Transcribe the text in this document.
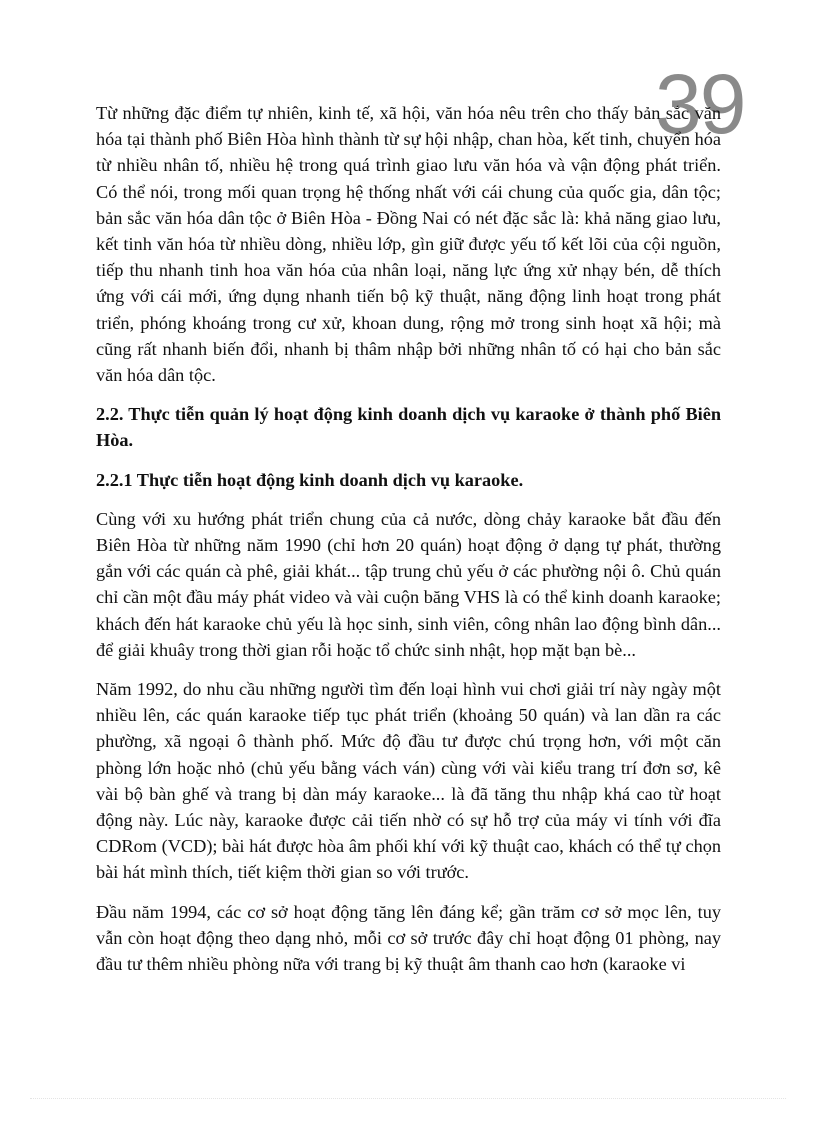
39

Từ những đặc điểm tự nhiên, kinh tế, xã hội, văn hóa nêu trên cho thấy bản sắc văn hóa tại thành phố Biên Hòa hình thành từ sự hội nhập, chan hòa, kết tinh, chuyển hóa từ nhiều nhân tố, nhiều hệ trong quá trình giao lưu văn hóa và vận động phát triển. Có thể nói, trong mối quan trọng hệ thống nhất với cái chung của quốc gia, dân tộc; bản sắc văn hóa dân tộc ở Biên Hòa - Đồng Nai có nét đặc sắc là: khả năng giao lưu, kết tinh văn hóa từ nhiều dòng, nhiều lớp, gìn giữ được yếu tố kết lõi của cội nguồn, tiếp thu nhanh tinh hoa văn hóa của nhân loại, năng lực ứng xử nhạy bén, dễ thích ứng với cái mới, ứng dụng nhanh tiến bộ kỹ thuật, năng động linh hoạt trong phát triển, phóng khoáng trong cư xử, khoan dung, rộng mở trong sinh hoạt xã hội; mà cũng rất nhanh biến đổi, nhanh bị thâm nhập bởi những nhân tố có hại cho bản sắc văn hóa dân tộc.

2.2. Thực tiễn quản lý hoạt động kinh doanh dịch vụ karaoke ở thành phố Biên Hòa.
2.2.1 Thực tiễn hoạt động kinh doanh dịch vụ karaoke.

Cùng với xu hướng phát triển chung của cả nước, dòng chảy karaoke bắt đầu đến Biên Hòa từ những năm 1990 (chỉ hơn 20 quán) hoạt động ở dạng tự phát, thường gắn với các quán cà phê, giải khát... tập trung chủ yếu ở các phường nội ô. Chủ quán chỉ cần một đầu máy phát video và vài cuộn băng VHS là có thể kinh doanh karaoke; khách đến hát karaoke chủ yếu là học sinh, sinh viên, công nhân lao động bình dân... để giải khuây trong thời gian rỗi hoặc tổ chức sinh nhật, họp mặt bạn bè...

Năm 1992, do nhu cầu những người tìm đến loại hình vui chơi giải trí này ngày một nhiều lên, các quán karaoke tiếp tục phát triển (khoảng 50 quán) và lan dần ra các phường, xã ngoại ô thành phố. Mức độ đầu tư được chú trọng hơn, với một căn phòng lớn hoặc nhỏ (chủ yếu bằng vách ván) cùng với vài kiểu trang trí đơn sơ, kê vài bộ bàn ghế và trang bị dàn máy karaoke... là đã tăng thu nhập khá cao từ hoạt động này. Lúc này, karaoke được cải tiến nhờ có sự hỗ trợ của máy vi tính với đĩa CDRom (VCD); bài hát được hòa âm phối khí với kỹ thuật cao, khách có thể tự chọn bài hát mình thích, tiết kiệm thời gian so với trước.

Đầu năm 1994, các cơ sở hoạt động tăng lên đáng kể; gần trăm cơ sở mọc lên, tuy vẫn còn hoạt động theo dạng nhỏ, mỗi cơ sở trước đây chỉ hoạt động 01 phòng, nay đầu tư thêm nhiều phòng nữa với trang bị kỹ thuật âm thanh cao hơn (karaoke vi
